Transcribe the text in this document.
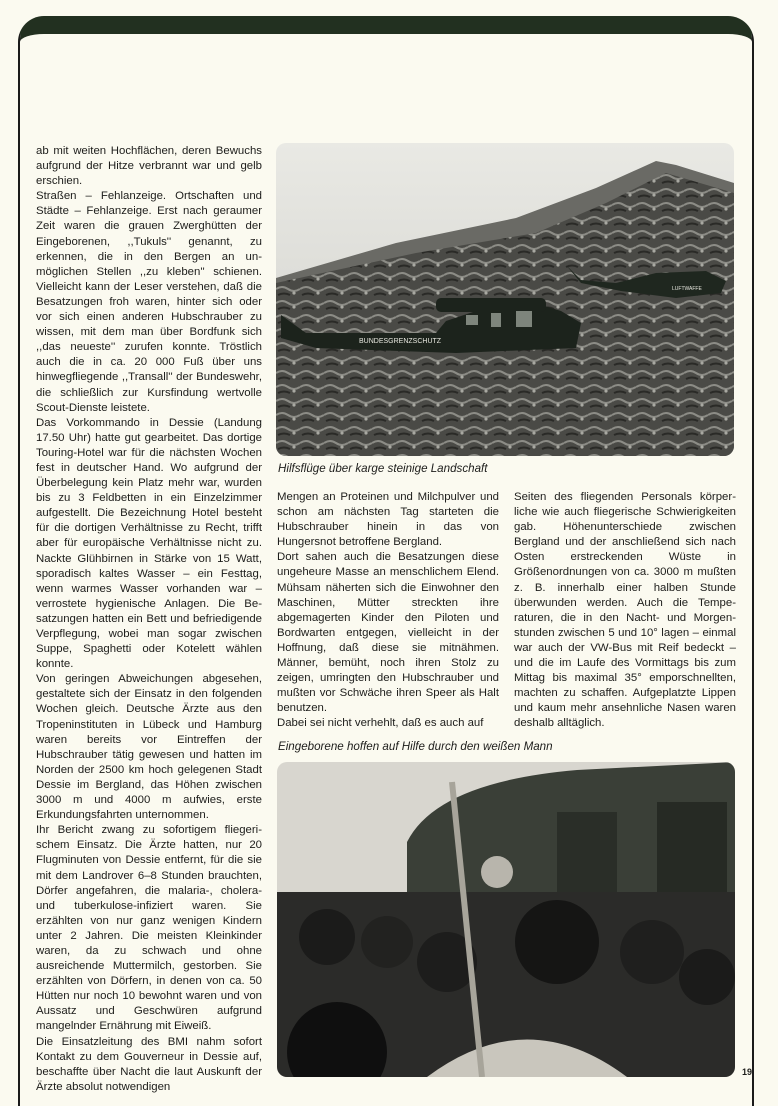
ab mit weiten Hochflächen, deren Bewuchs aufgrund der Hitze verbrannt war und gelb erschien.

Straßen – Fehlanzeige. Ortschaften und Städte – Fehlanzeige. Erst nach geraumer Zeit waren die grauen Zwerghütten der Eingeborenen, ,,Tukuls'' genannt, zu erkennen, die in den Bergen an unmöglichen Stellen ,,zu kleben'' schienen. Vielleicht kann der Leser verstehen, daß die Besatzungen froh waren, hinter sich oder vor sich einen anderen Hubschrauber zu wissen, mit dem man über Bordfunk sich ,,das neueste'' zurufen konnte. Tröstlich auch die in ca. 20 000 Fuß über uns hinwegfliegende ,,Transall'' der Bundeswehr, die schließlich zur Kursfindung wertvolle Scout-Dienste leistete.

Das Vorkommando in Dessie (Landung 17.50 Uhr) hatte gut gearbeitet. Das dortige Touring-Hotel war für die nächsten Wochen fest in deutscher Hand. Wo aufgrund der Überbelegung kein Platz mehr war, wurden bis zu 3 Feldbetten in ein Einzelzimmer aufgestellt. Die Bezeichnung Hotel besteht für die dortigen Verhältnisse zu Recht, trifft aber für europäische Verhältnisse nicht zu. Nackte Glühbirnen in Stärke von 15 Watt, sporadisch kaltes Wasser – ein Festtag, wenn warmes Wasser vorhanden war – verrostete hygienische Anlagen. Die Besatzungen hatten ein Bett und befriedigende Verpflegung, wobei man sogar zwischen Suppe, Spaghetti oder Kotelett wählen konnte.

Von geringen Abweichungen abgesehen, gestaltete sich der Einsatz in den folgenden Wochen gleich. Deutsche Ärzte aus den Tropeninstituten in Lübeck und Hamburg waren bereits vor Eintreffen der Hubschrauber tätig gewesen und hatten im Norden der 2500 km hoch gelegenen Stadt Dessie im Bergland, das Höhen zwischen 3000 m und 4000 m aufwies, erste Erkundungsfahrten unternommen.

Ihr Bericht zwang zu sofortigem fliegerischem Einsatz. Die Ärzte hatten, nur 20 Flugminuten von Dessie entfernt, für die sie mit dem Landrover 6–8 Stunden brauchten, Dörfer angefahren, die malaria-, cholera- und tuberkulose-infiziert waren. Sie erzählten von nur ganz wenigen Kindern unter 2 Jahren. Die meisten Kleinkinder waren, da zu schwach und ohne ausreichende Muttermilch, gestorben. Sie erzählten von Dörfern, in denen von ca. 50 Hütten nur noch 10 bewohnt waren und von Aussatz und Geschwüren aufgrund mangelnder Ernährung mit Eiweiß.

Die Einsatzleitung des BMI nahm sofort Kontakt zu dem Gouverneur in Dessie auf, beschaffte über Nacht die laut Auskunft der Ärzte absolut notwendigen

BUNDESGRENZSCHUTZ
LUFTWAFFE
Hilfsflüge über karge steinige Landschaft

Mengen an Proteinen und Milchpulver und schon am nächsten Tag starteten die Hubschrauber hinein in das von Hungersnot betroffene Bergland.

Dort sahen auch die Besatzungen diese ungeheure Masse an menschlichem Elend. Mühsam näherten sich die Einwohner den Maschinen, Mütter streckten ihre abgemagerten Kinder den Piloten und Bordwarten entgegen, vielleicht in der Hoffnung, daß diese sie mitnähmen. Männer, bemüht, noch ihren Stolz zu zeigen, umringten den Hubschrauber und mußten vor Schwäche ihren Speer als Halt benutzen.

Dabei sei nicht verhehlt, daß es auch auf

Seiten des fliegenden Personals körperliche wie auch fliegerische Schwierigkeiten gab. Höhenunterschiede zwischen Bergland und der anschließend sich nach Osten erstreckenden Wüste in Größenordnungen von ca. 3000 m mußten z. B. innerhalb einer halben Stunde überwunden werden. Auch die Temperaturen, die in den Nacht- und Morgenstunden zwischen 5 und 10° lagen – einmal war auch der VW-Bus mit Reif bedeckt – und die im Laufe des Vormittags bis zum Mittag bis maximal 35° emporschnellten, machten zu schaffen. Aufgeplatzte Lippen und kaum mehr ansehnliche Nasen waren deshalb alltäglich.

Eingeborene hoffen auf Hilfe durch den weißen Mann
19
